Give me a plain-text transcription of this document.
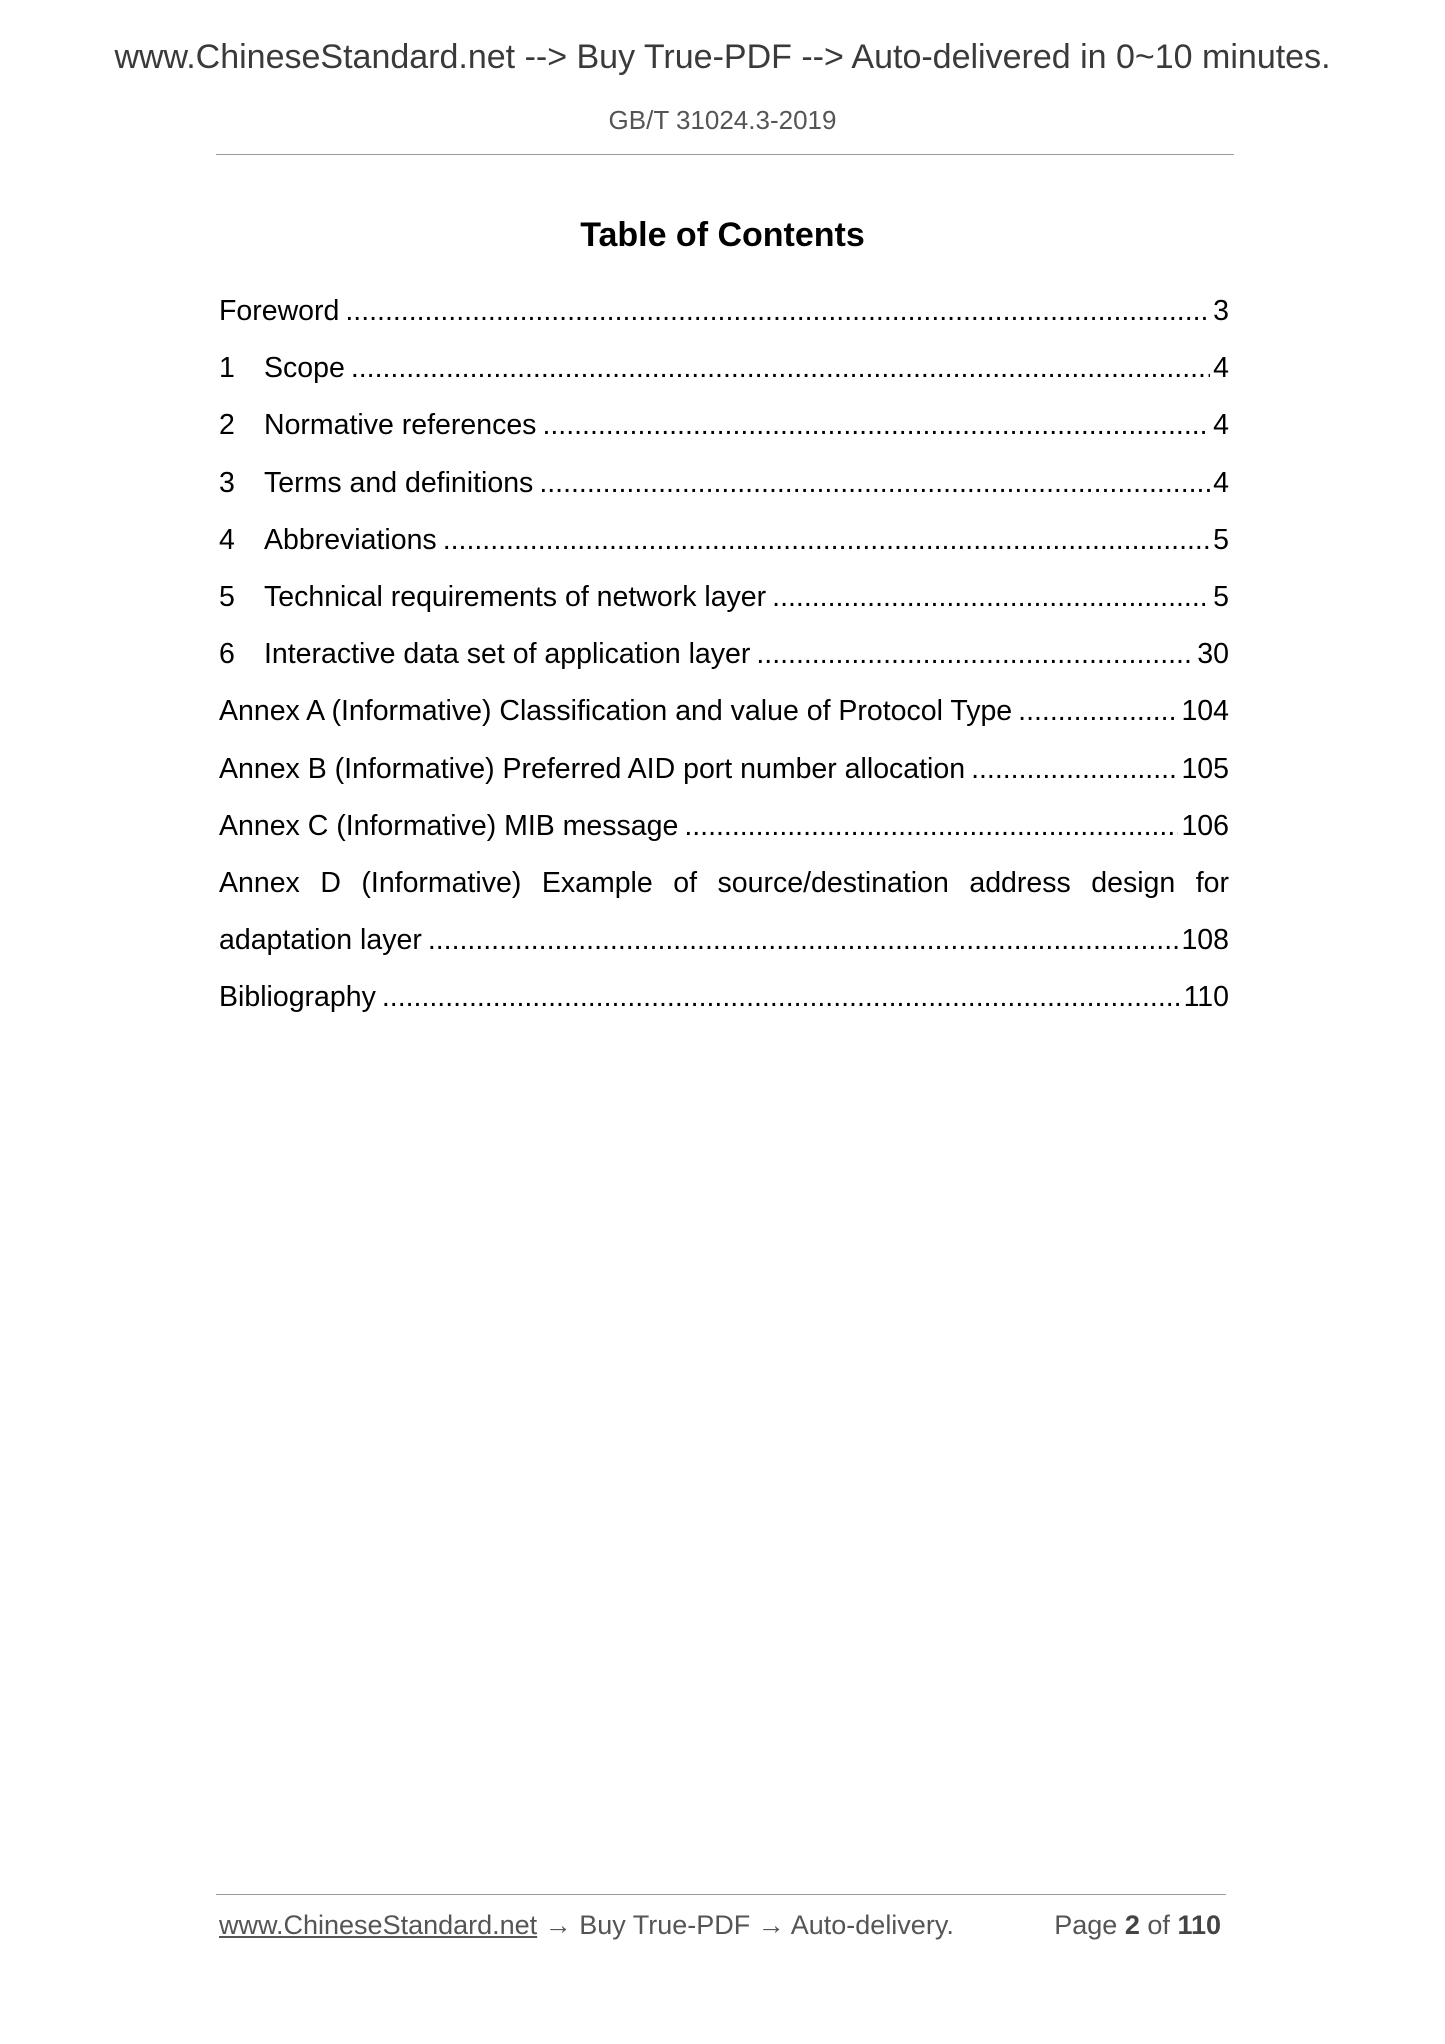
www.ChineseStandard.net --> Buy True-PDF --> Auto-delivered in 0~10 minutes.
GB/T 31024.3-2019
Table of Contents
Foreword .....	3
1	Scope .....	4
2	Normative references .....	4
3	Terms and definitions .....	4
4	Abbreviations .....	5
5	Technical requirements of network layer .....	5
6	Interactive data set of application layer .....	30
Annex A (Informative) Classification and value of Protocol Type .....	104
Annex B (Informative) Preferred AID port number allocation .....	105
Annex C (Informative) MIB message .....	106
Annex D (Informative) Example of source/destination address design for
adaptation layer .....	108
Bibliography .....	110
www.ChineseStandard.net → Buy True-PDF → Auto-delivery.	Page 2 of 110
